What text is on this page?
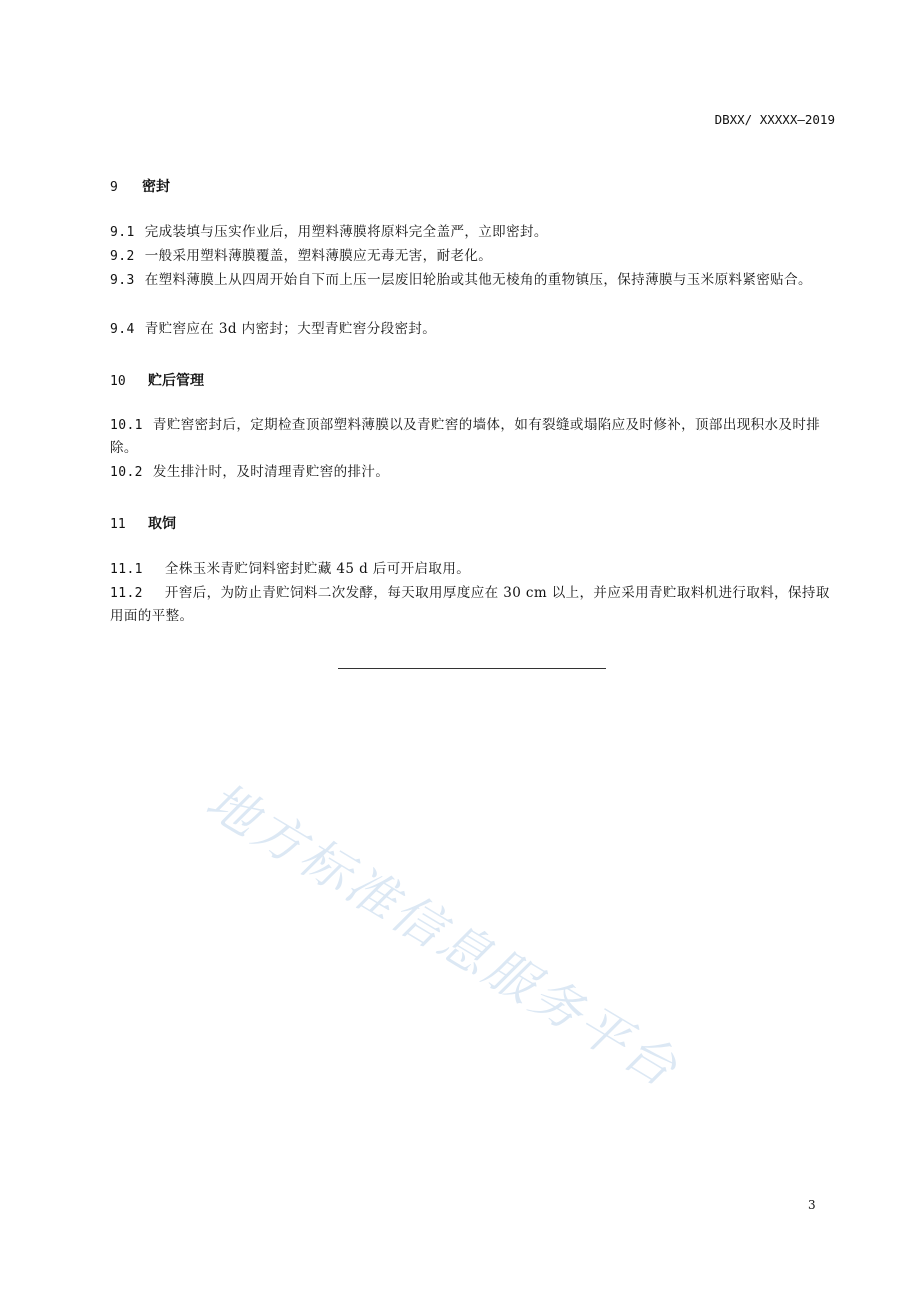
DBXX/ XXXXX—2019
9 密封
9.1 完成装填与压实作业后，用塑料薄膜将原料完全盖严，立即密封。
9.2 一般采用塑料薄膜覆盖，塑料薄膜应无毒无害，耐老化。
9.3 在塑料薄膜上从四周开始自下而上压一层废旧轮胎或其他无棱角的重物镇压，保持薄膜与玉米原料紧密贴合。
9.4 青贮窖应在 3d 内密封；大型青贮窖分段密封。
10 贮后管理
10.1 青贮窖密封后，定期检查顶部塑料薄膜以及青贮窖的墙体，如有裂缝或塌陷应及时修补，顶部出现积水及时排除。
10.2 发生排汁时，及时清理青贮窖的排汁。
11 取饲
11.1 全株玉米青贮饲料密封贮藏 45 d 后可开启取用。
11.2 开窖后，为防止青贮饲料二次发酵，每天取用厚度应在 30 cm 以上，并应采用青贮取料机进行取料，保持取用面的平整。
地方标准信息服务平台
3
